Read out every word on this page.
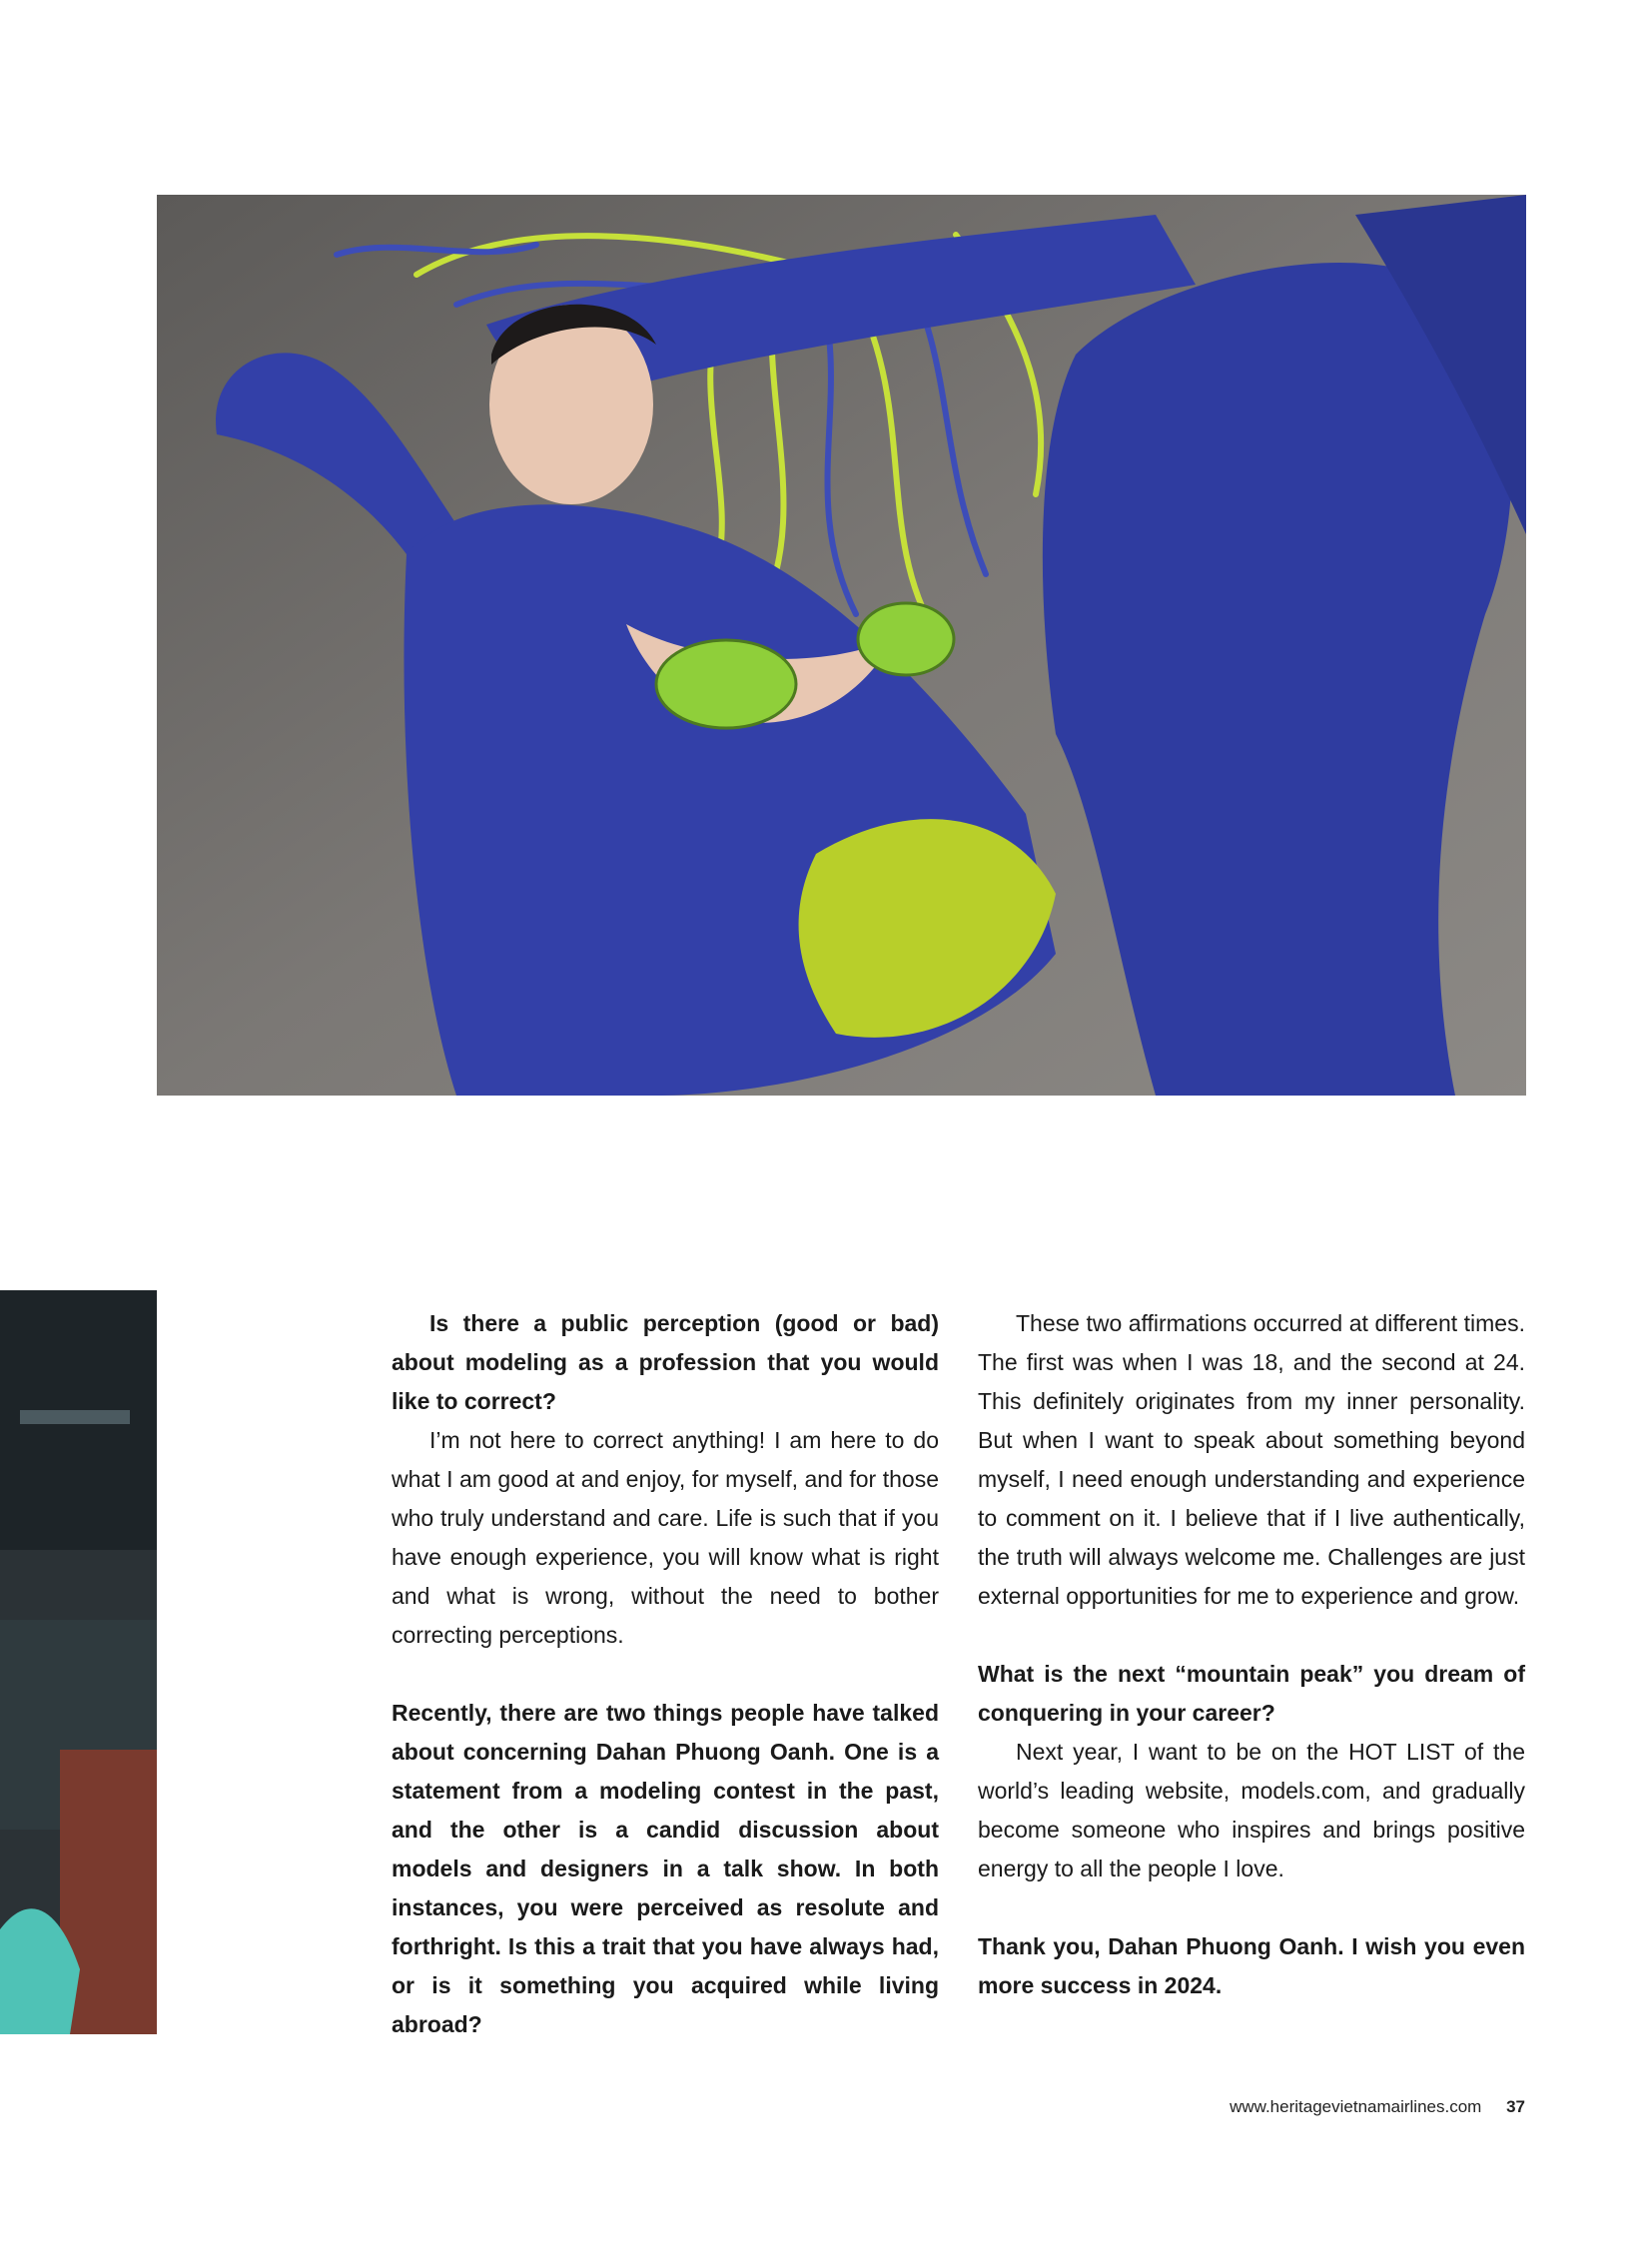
Is there a public perception (good or bad) about modeling as a profession that you would like to correct?

I’m not here to correct anything! I am here to do what I am good at and enjoy, for myself, and for those who truly understand and care. Life is such that if you have enough experience, you will know what is right and what is wrong, without the need to bother correcting perceptions.

Recently, there are two things people have talked about concerning Dahan Phuong Oanh. One is a statement from a modeling contest in the past, and the other is a candid discussion about models and designers in a talk show. In both instances, you were perceived as resolute and forthright. Is this a trait that you have always had, or is it something you acquired while living abroad?

These two affirmations occurred at different times. The first was when I was 18, and the second at 24. This definitely originates from my inner personality. But when I want to speak about something beyond myself, I need enough understanding and experience to comment on it. I believe that if I live authentically, the truth will always welcome me. Challenges are just external opportunities for me to experience and grow.

What is the next “mountain peak” you dream of conquering in your career?

Next year, I want to be on the HOT LIST of the world’s leading website, models.com, and gradually become someone who inspires and brings positive energy to all the people I love.

Thank you, Dahan Phuong Oanh. I wish you even more success in 2024.

www.heritagevietnamairlines.com 37
